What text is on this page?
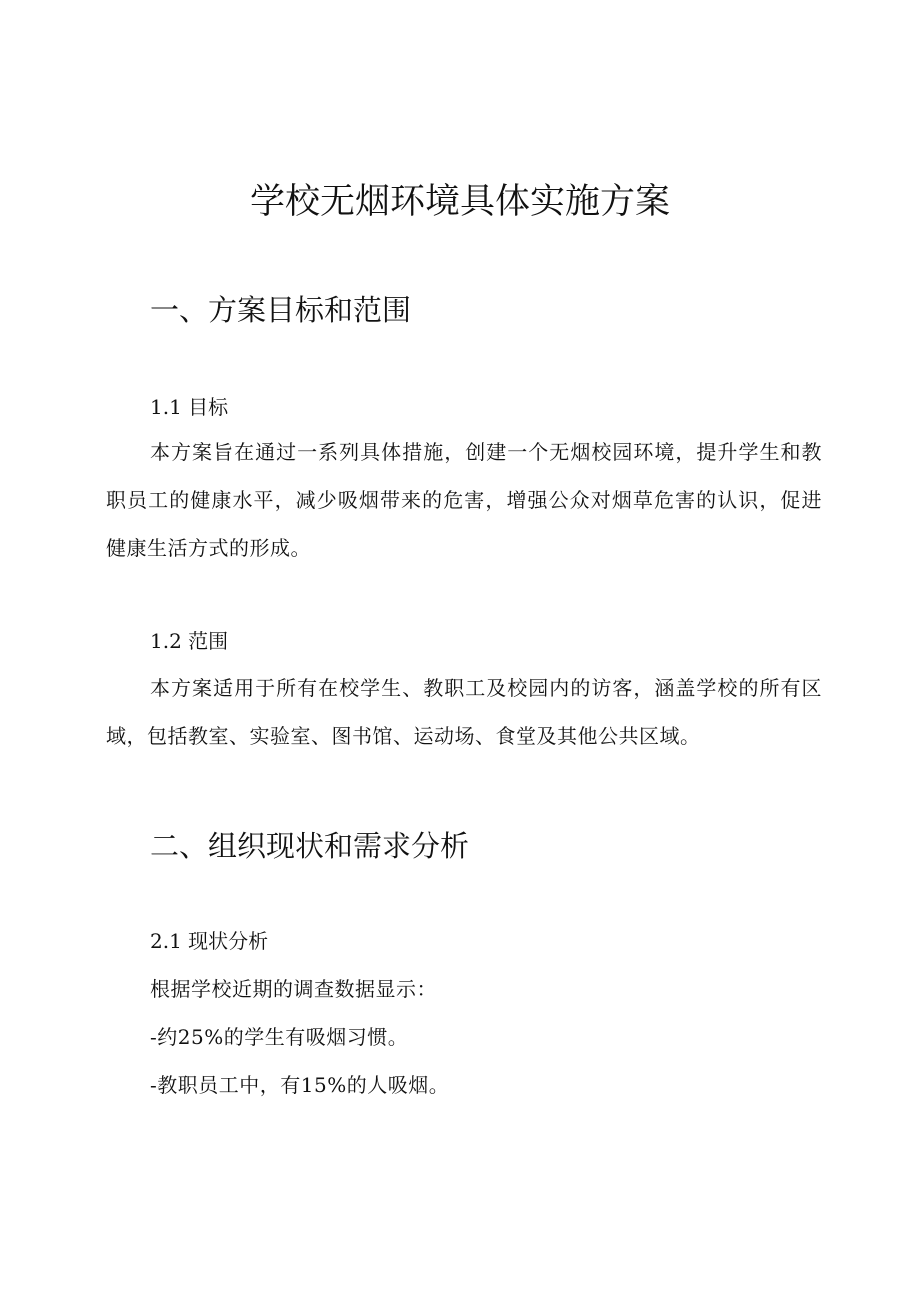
学校无烟环境具体实施方案
一、方案目标和范围
1.1 目标

本方案旨在通过一系列具体措施，创建一个无烟校园环境，提升学生和教职员工的健康水平，减少吸烟带来的危害，增强公众对烟草危害的认识，促进健康生活方式的形成。

1.2 范围

本方案适用于所有在校学生、教职工及校园内的访客，涵盖学校的所有区域，包括教室、实验室、图书馆、运动场、食堂及其他公共区域。

二、组织现状和需求分析
2.1 现状分析

根据学校近期的调查数据显示：

-约25%的学生有吸烟习惯。

-教职员工中，有15%的人吸烟。
